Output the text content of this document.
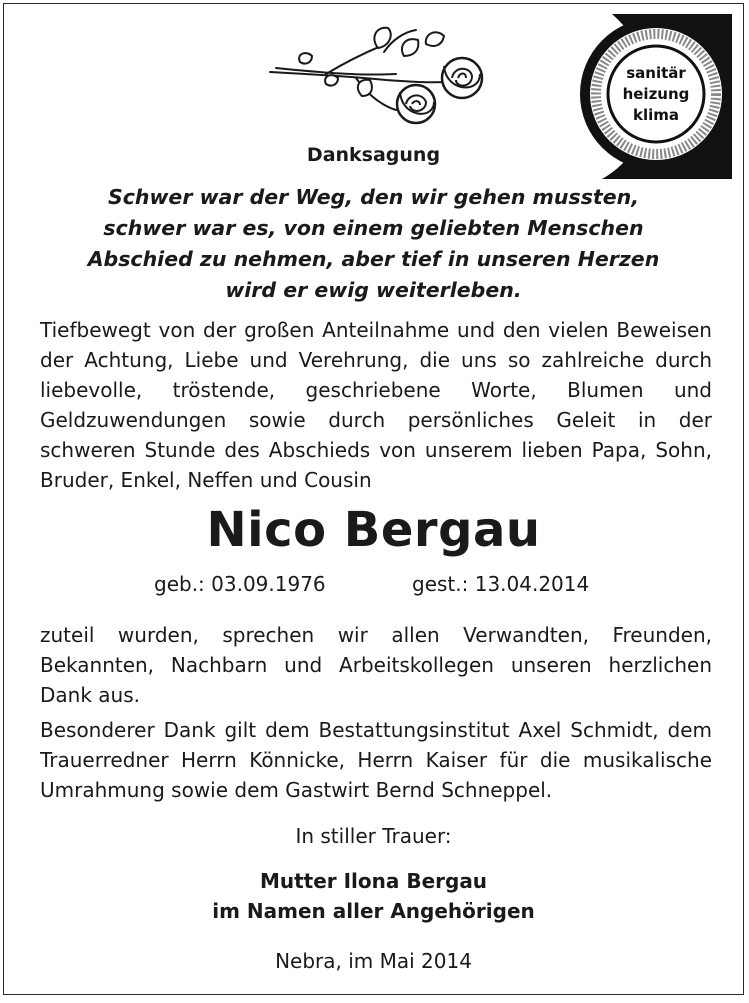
sanitär
heizung
klima
Danksagung
Schwer war der Weg, den wir gehen mussten,
schwer war es, von einem geliebten Menschen
Abschied zu nehmen, aber tief in unseren Herzen
wird er ewig weiterleben.
Tiefbewegt von der großen Anteilnahme und den vielen Beweisen der Achtung, Liebe und Verehrung, die uns so zahlreiche durch liebevolle, tröstende, geschriebene Worte, Blumen und Geldzuwendungen sowie durch persönliches Geleit in der schweren Stunde des Abschieds von unserem lieben Papa, Sohn, Bruder, Enkel, Neffen und Cousin
Nico Bergau
geb.: 03.09.1976	gest.: 13.04.2014
zuteil wurden, sprechen wir allen Verwandten, Freunden, Bekannten, Nachbarn und Arbeitskollegen unseren herzlichen Dank aus.
Besonderer Dank gilt dem Bestattungsinstitut Axel Schmidt, dem Trauerredner Herrn Könnicke, Herrn Kaiser für die musikalische Umrahmung sowie dem Gastwirt Bernd Schneppel.
In stiller Trauer:
Mutter Ilona Bergau
im Namen aller Angehörigen
Nebra, im Mai 2014
